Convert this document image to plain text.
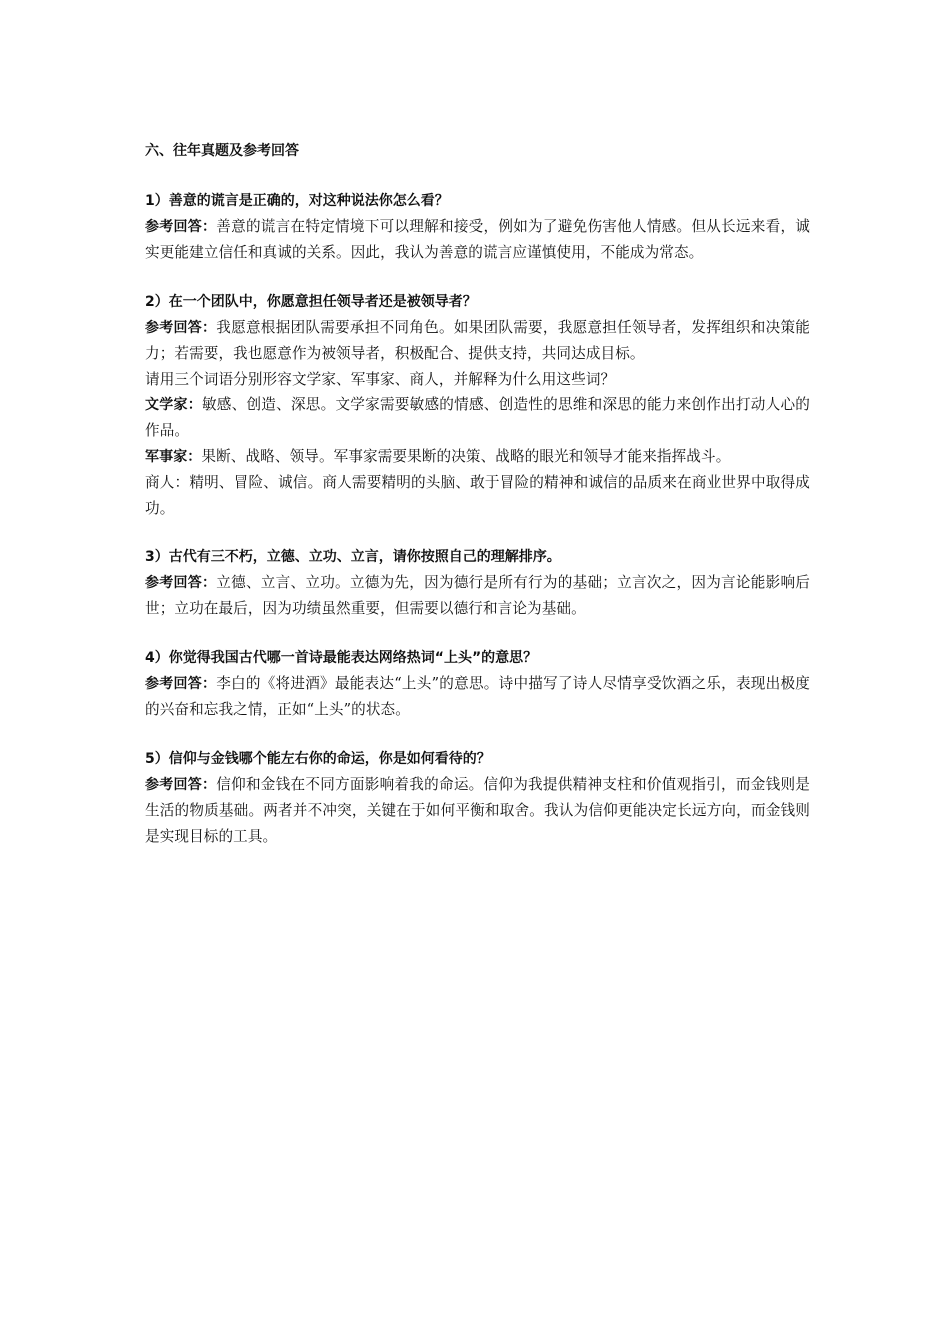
六、往年真题及参考回答
1）善意的谎言是正确的，对这种说法你怎么看？
参考回答：善意的谎言在特定情境下可以理解和接受，例如为了避免伤害他人情感。但从长远来看，诚实更能建立信任和真诚的关系。因此，我认为善意的谎言应谨慎使用，不能成为常态。
2）在一个团队中，你愿意担任领导者还是被领导者？
参考回答：我愿意根据团队需要承担不同角色。如果团队需要，我愿意担任领导者，发挥组织和决策能力；若需要，我也愿意作为被领导者，积极配合、提供支持，共同达成目标。
请用三个词语分别形容文学家、军事家、商人，并解释为什么用这些词？
文学家：敏感、创造、深思。文学家需要敏感的情感、创造性的思维和深思的能力来创作出打动人心的作品。
军事家：果断、战略、领导。军事家需要果断的决策、战略的眼光和领导才能来指挥战斗。
商人：精明、冒险、诚信。商人需要精明的头脑、敢于冒险的精神和诚信的品质来在商业世界中取得成功。
3）古代有三不朽，立德、立功、立言，请你按照自己的理解排序。
参考回答：立德、立言、立功。立德为先，因为德行是所有行为的基础；立言次之，因为言论能影响后世；立功在最后，因为功绩虽然重要，但需要以德行和言论为基础。
4）你觉得我国古代哪一首诗最能表达网络热词“上头”的意思？
参考回答：李白的《将进酒》最能表达“上头”的意思。诗中描写了诗人尽情享受饮酒之乐，表现出极度的兴奋和忘我之情，正如“上头”的状态。
5）信仰与金钱哪个能左右你的命运，你是如何看待的？
参考回答：信仰和金钱在不同方面影响着我的命运。信仰为我提供精神支柱和价值观指引，而金钱则是生活的物质基础。两者并不冲突，关键在于如何平衡和取舍。我认为信仰更能决定长远方向，而金钱则是实现目标的工具。
